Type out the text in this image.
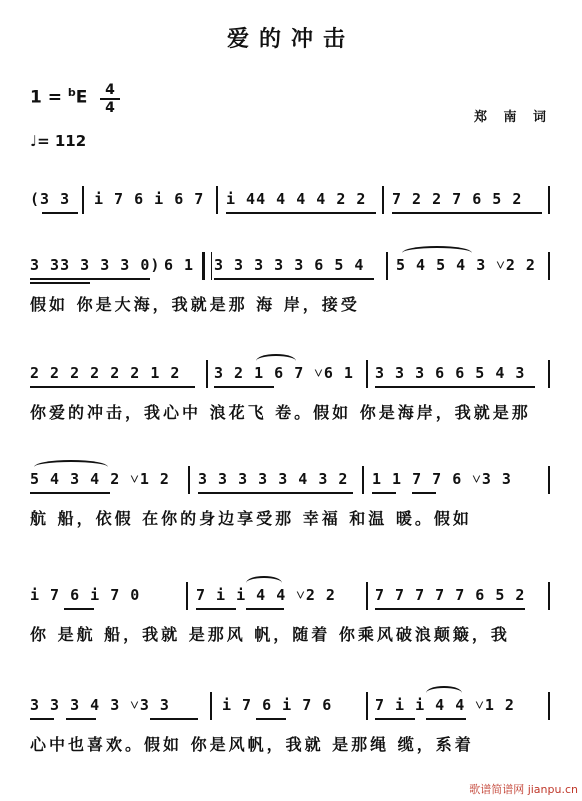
爱的冲击
1 = $^b$E	4
4
♩= 112
郑 南 词
(3 3 i 7 6 i 6 7 i 44 4 4 4 2 2 7 2 2 7 6 5 2
3 33 3 3 3 0) 6 1 3 3 3 3 3 6 5 4 5 4 5 4 3 ˅2 2
假如 你是大海，我就是那 海 岸，接受
2 2 2 2 2 2 1 2 3 2 1 6 7 ˅6 1 3 3 3 6 6 5 4 3
你爱的冲击，我心中 浪花飞 卷。假如 你是海岸，我就是那
5 4 3 4 2 ˅1 2 3 3 3 3 3 4 3 2 1 1 7 7 6 ˅3 3
航 船，依假 在你的身边享受那 幸福 和温 暖。假如
i 7 6 i 7 0	7 i i 4 4 ˅2 2	7 7 7 7 7 6 5 2
你 是航 船，我就 是那风 帆，随着 你乘风破浪颠簸，我
3 3 3 4 3 ˅3 3	i 7 6 i 7 6	7 i i 4 4 ˅1 2
心中也喜欢。假如 你是风帆，我就 是那绳 缆，系着
歌谱简谱网 jianpu.cn
